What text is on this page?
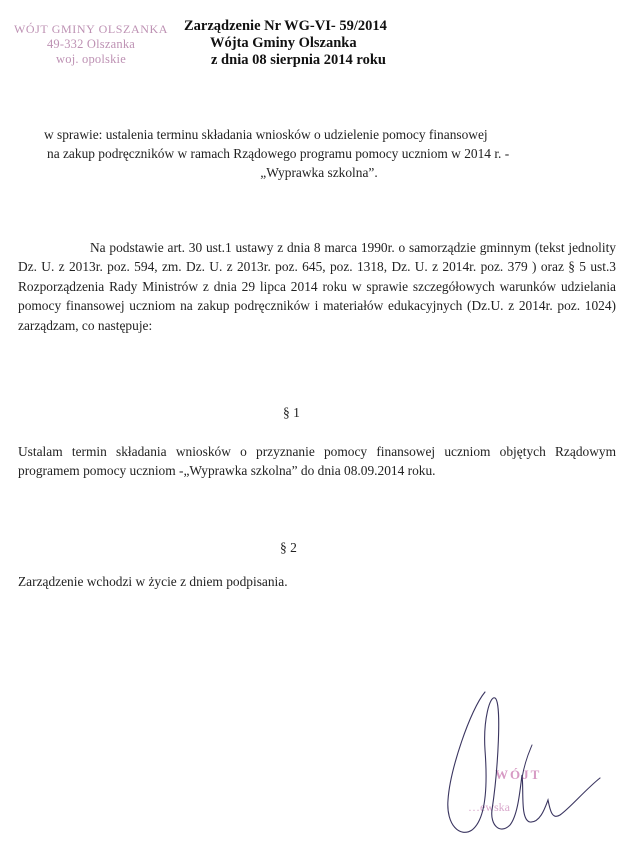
WÓJT GMINY OLSZANKA
49-332 Olszanka
woj. opolskie
Zarządzenie Nr WG-VI- 59/2014
Wójta Gminy Olszanka
z dnia 08 sierpnia 2014 roku
w sprawie: ustalenia terminu składania wniosków o udzielenie pomocy finansowej
na zakup podręczników w ramach Rządowego programu pomocy uczniom w 2014 r. -
„Wyprawka szkolna”.
Na podstawie art. 30 ust.1 ustawy z dnia 8 marca 1990r. o samorządzie gminnym (tekst jednolity Dz. U. z 2013r. poz. 594, zm. Dz. U. z 2013r. poz. 645, poz. 1318, Dz. U. z 2014r. poz. 379 ) oraz § 5 ust.3 Rozporządzenia Rady Ministrów z dnia 29 lipca 2014 roku w sprawie szczegółowych warunków udzielania pomocy finansowej uczniom na zakup podręczników i materiałów edukacyjnych (Dz.U. z 2014r. poz. 1024) zarządzam, co następuje:
§ 1
Ustalam termin składania wniosków o przyznanie pomocy finansowej uczniom objętych Rządowym programem pomocy uczniom -„Wyprawka szkolna” do dnia 08.09.2014 roku.
§ 2
Zarządzenie wchodzi w życie z dniem podpisania.
WÓJT
…ewska
